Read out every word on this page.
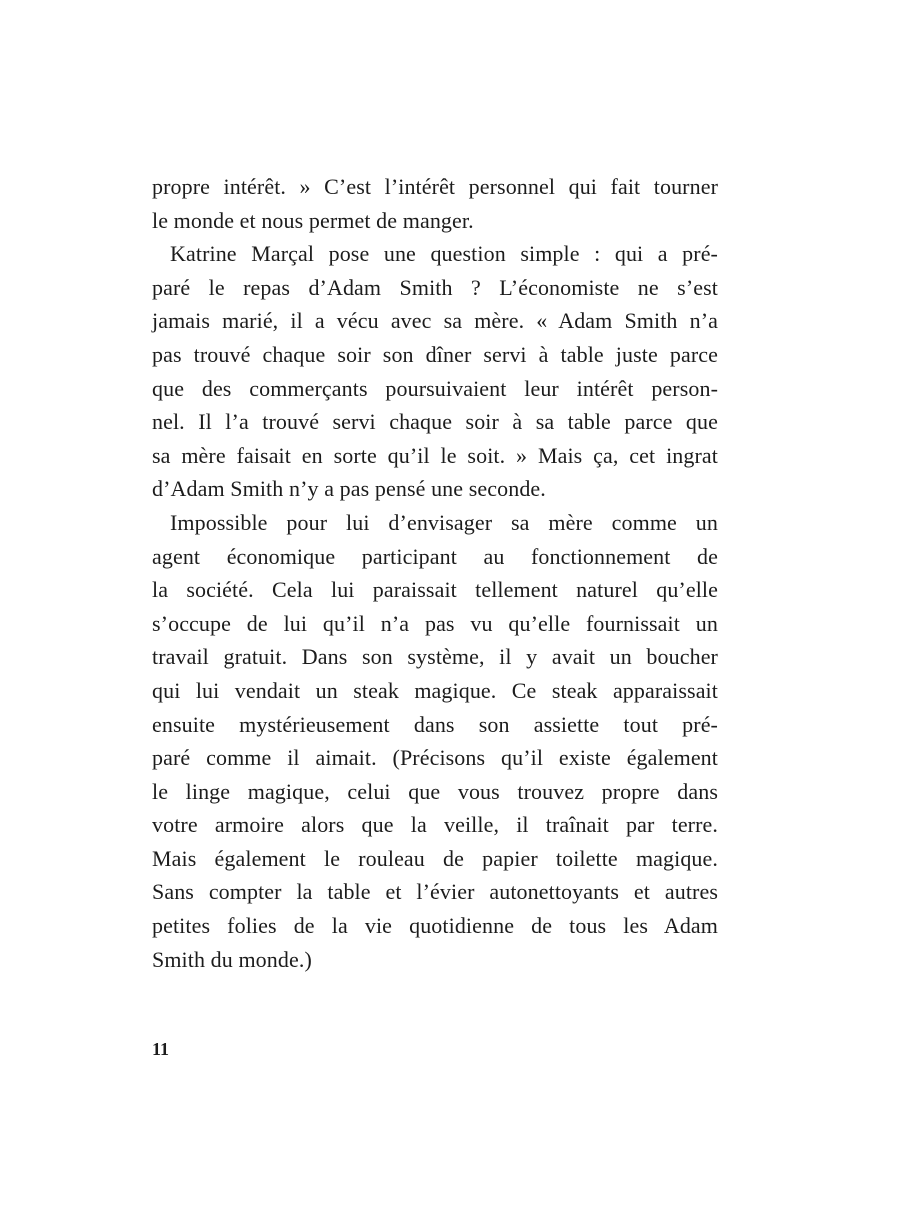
propre intérêt. » C’est l’intérêt personnel qui fait tourner
le monde et nous permet de manger.

Katrine Marçal pose une question simple : qui a pré-
paré le repas d’Adam Smith ? L’économiste ne s’est
jamais marié, il a vécu avec sa mère. « Adam Smith n’a
pas trouvé chaque soir son dîner servi à table juste parce
que des commerçants poursuivaient leur intérêt person-
nel. Il l’a trouvé servi chaque soir à sa table parce que
sa mère faisait en sorte qu’il le soit. » Mais ça, cet ingrat
d’Adam Smith n’y a pas pensé une seconde.

Impossible pour lui d’envisager sa mère comme un
agent économique participant au fonctionnement de
la société. Cela lui paraissait tellement naturel qu’elle
s’occupe de lui qu’il n’a pas vu qu’elle fournissait un
travail gratuit. Dans son système, il y avait un boucher
qui lui vendait un steak magique. Ce steak apparaissait
ensuite mystérieusement dans son assiette tout pré-
paré comme il aimait. (Précisons qu’il existe également
le linge magique, celui que vous trouvez propre dans
votre armoire alors que la veille, il traînait par terre.
Mais également le rouleau de papier toilette magique.
Sans compter la table et l’évier autonettoyants et autres
petites folies de la vie quotidienne de tous les Adam
Smith du monde.)

11
